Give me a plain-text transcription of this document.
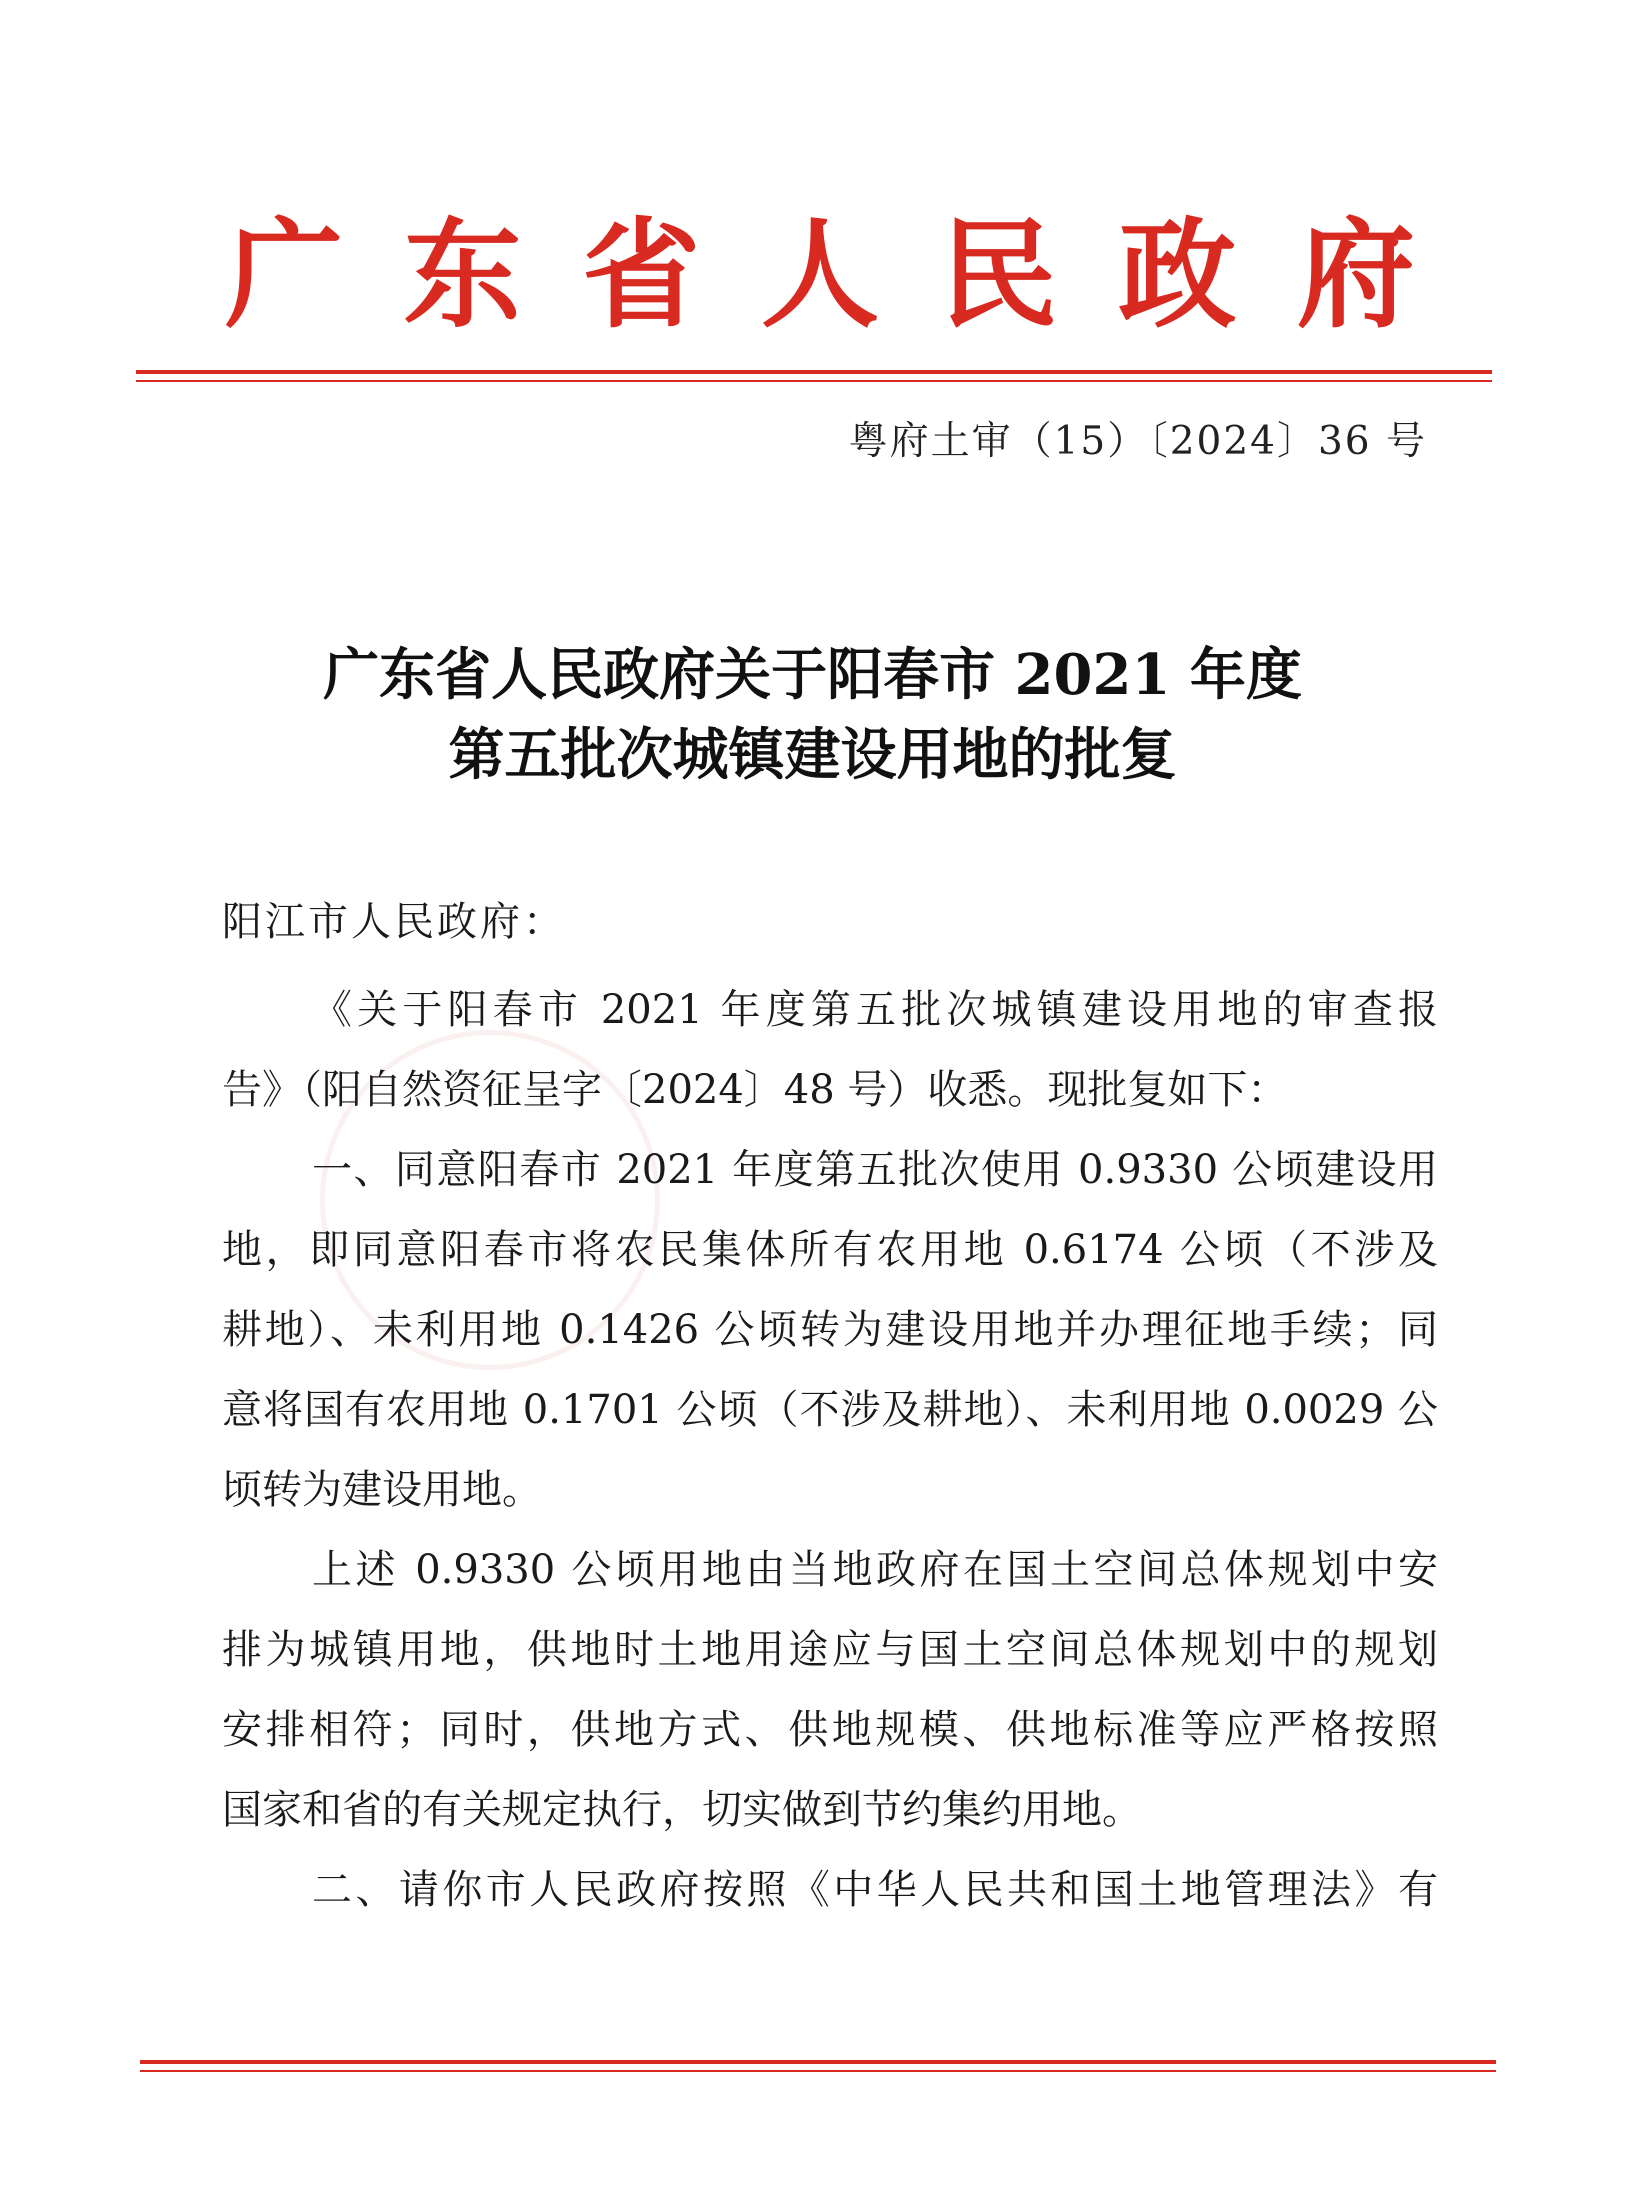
广 东 省 人 民 政 府
粤府土审（15）〔2024〕36 号
广东省人民政府关于阳春市 2021 年度
第五批次城镇建设用地的批复
阳江市人民政府：
《关于阳春市 2021 年度第五批次城镇建设用地的审查报
告》（阳自然资征呈字〔2024〕48 号）收悉。现批复如下：
一、同意阳春市 2021 年度第五批次使用 0.9330 公顷建设用
地，即同意阳春市将农民集体所有农用地 0.6174 公顷（不涉及
耕地）、未利用地 0.1426 公顷转为建设用地并办理征地手续；同
意将国有农用地 0.1701 公顷（不涉及耕地）、未利用地 0.0029 公
顷转为建设用地。
上述 0.9330 公顷用地由当地政府在国土空间总体规划中安
排为城镇用地，供地时土地用途应与国土空间总体规划中的规划
安排相符；同时，供地方式、供地规模、供地标准等应严格按照
国家和省的有关规定执行，切实做到节约集约用地。
二、请你市人民政府按照《中华人民共和国土地管理法》有
